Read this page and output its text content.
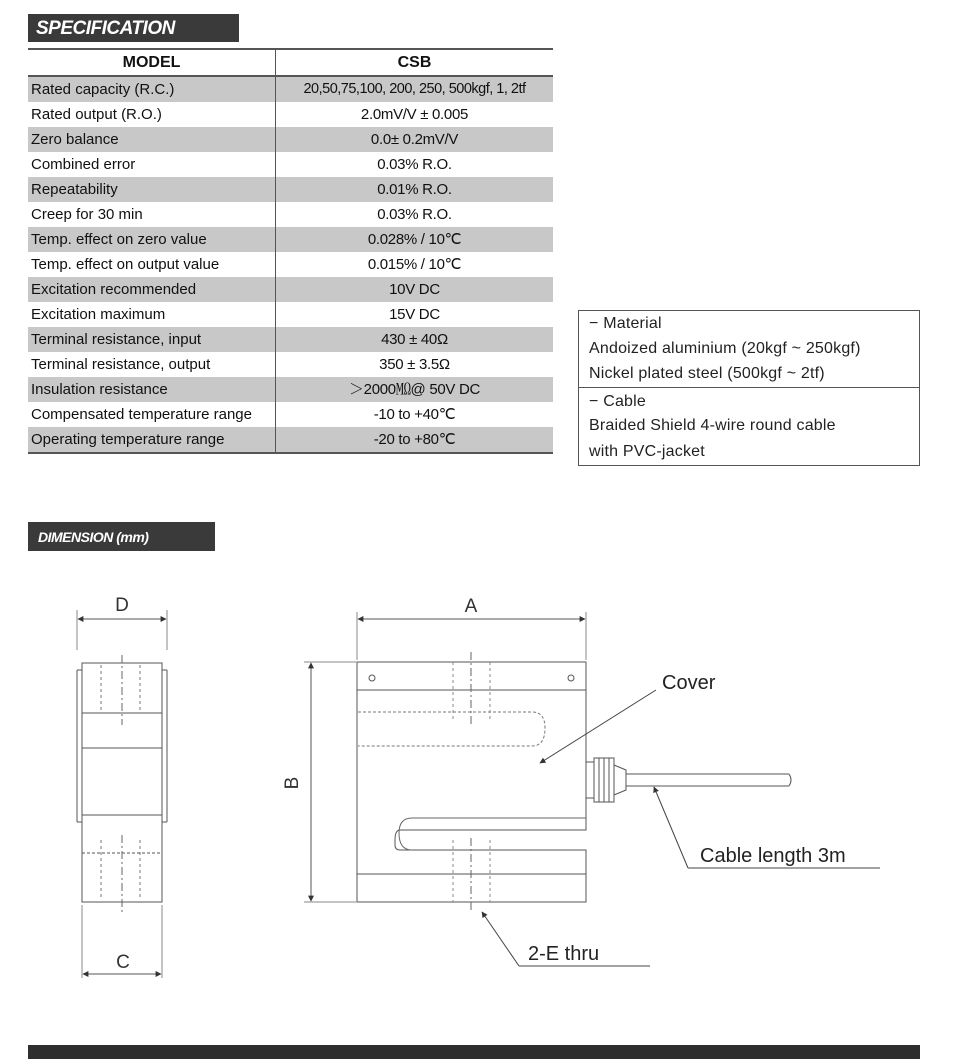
SPECIFICATION
MODEL	CSB
Rated capacity (R.C.)	20,50,75,100, 200, 250, 500kgf, 1, 2tf
Rated output (R.O.)	2.0mV/V ± 0.005
Zero balance	0.0± 0.2mV/V
Combined error	0.03% R.O.
Repeatability	0.01% R.O.
Creep for 30 min	0.03% R.O.
Temp. effect on zero value	0.028% / 10℃
Temp. effect on output value	0.015% / 10℃
Excitation recommended	10V DC
Excitation maximum	15V DC
Terminal resistance, input	430 ± 40Ω
Terminal resistance, output	350 ± 3.5Ω
Insulation resistance	＞2000㏁@ 50V DC
Compensated temperature range	-10 to +40℃
Operating temperature range	-20 to +80℃
− Material
Andoized aluminium (20kgf ~ 250kgf)
Nickel plated steel (500kgf ~ 2tf)
− Cable
Braided Shield 4-wire round cable
with PVC-jacket
DIMENSION (mm)
D
C
A
B
Cover
Cable length 3m
2-E thru
